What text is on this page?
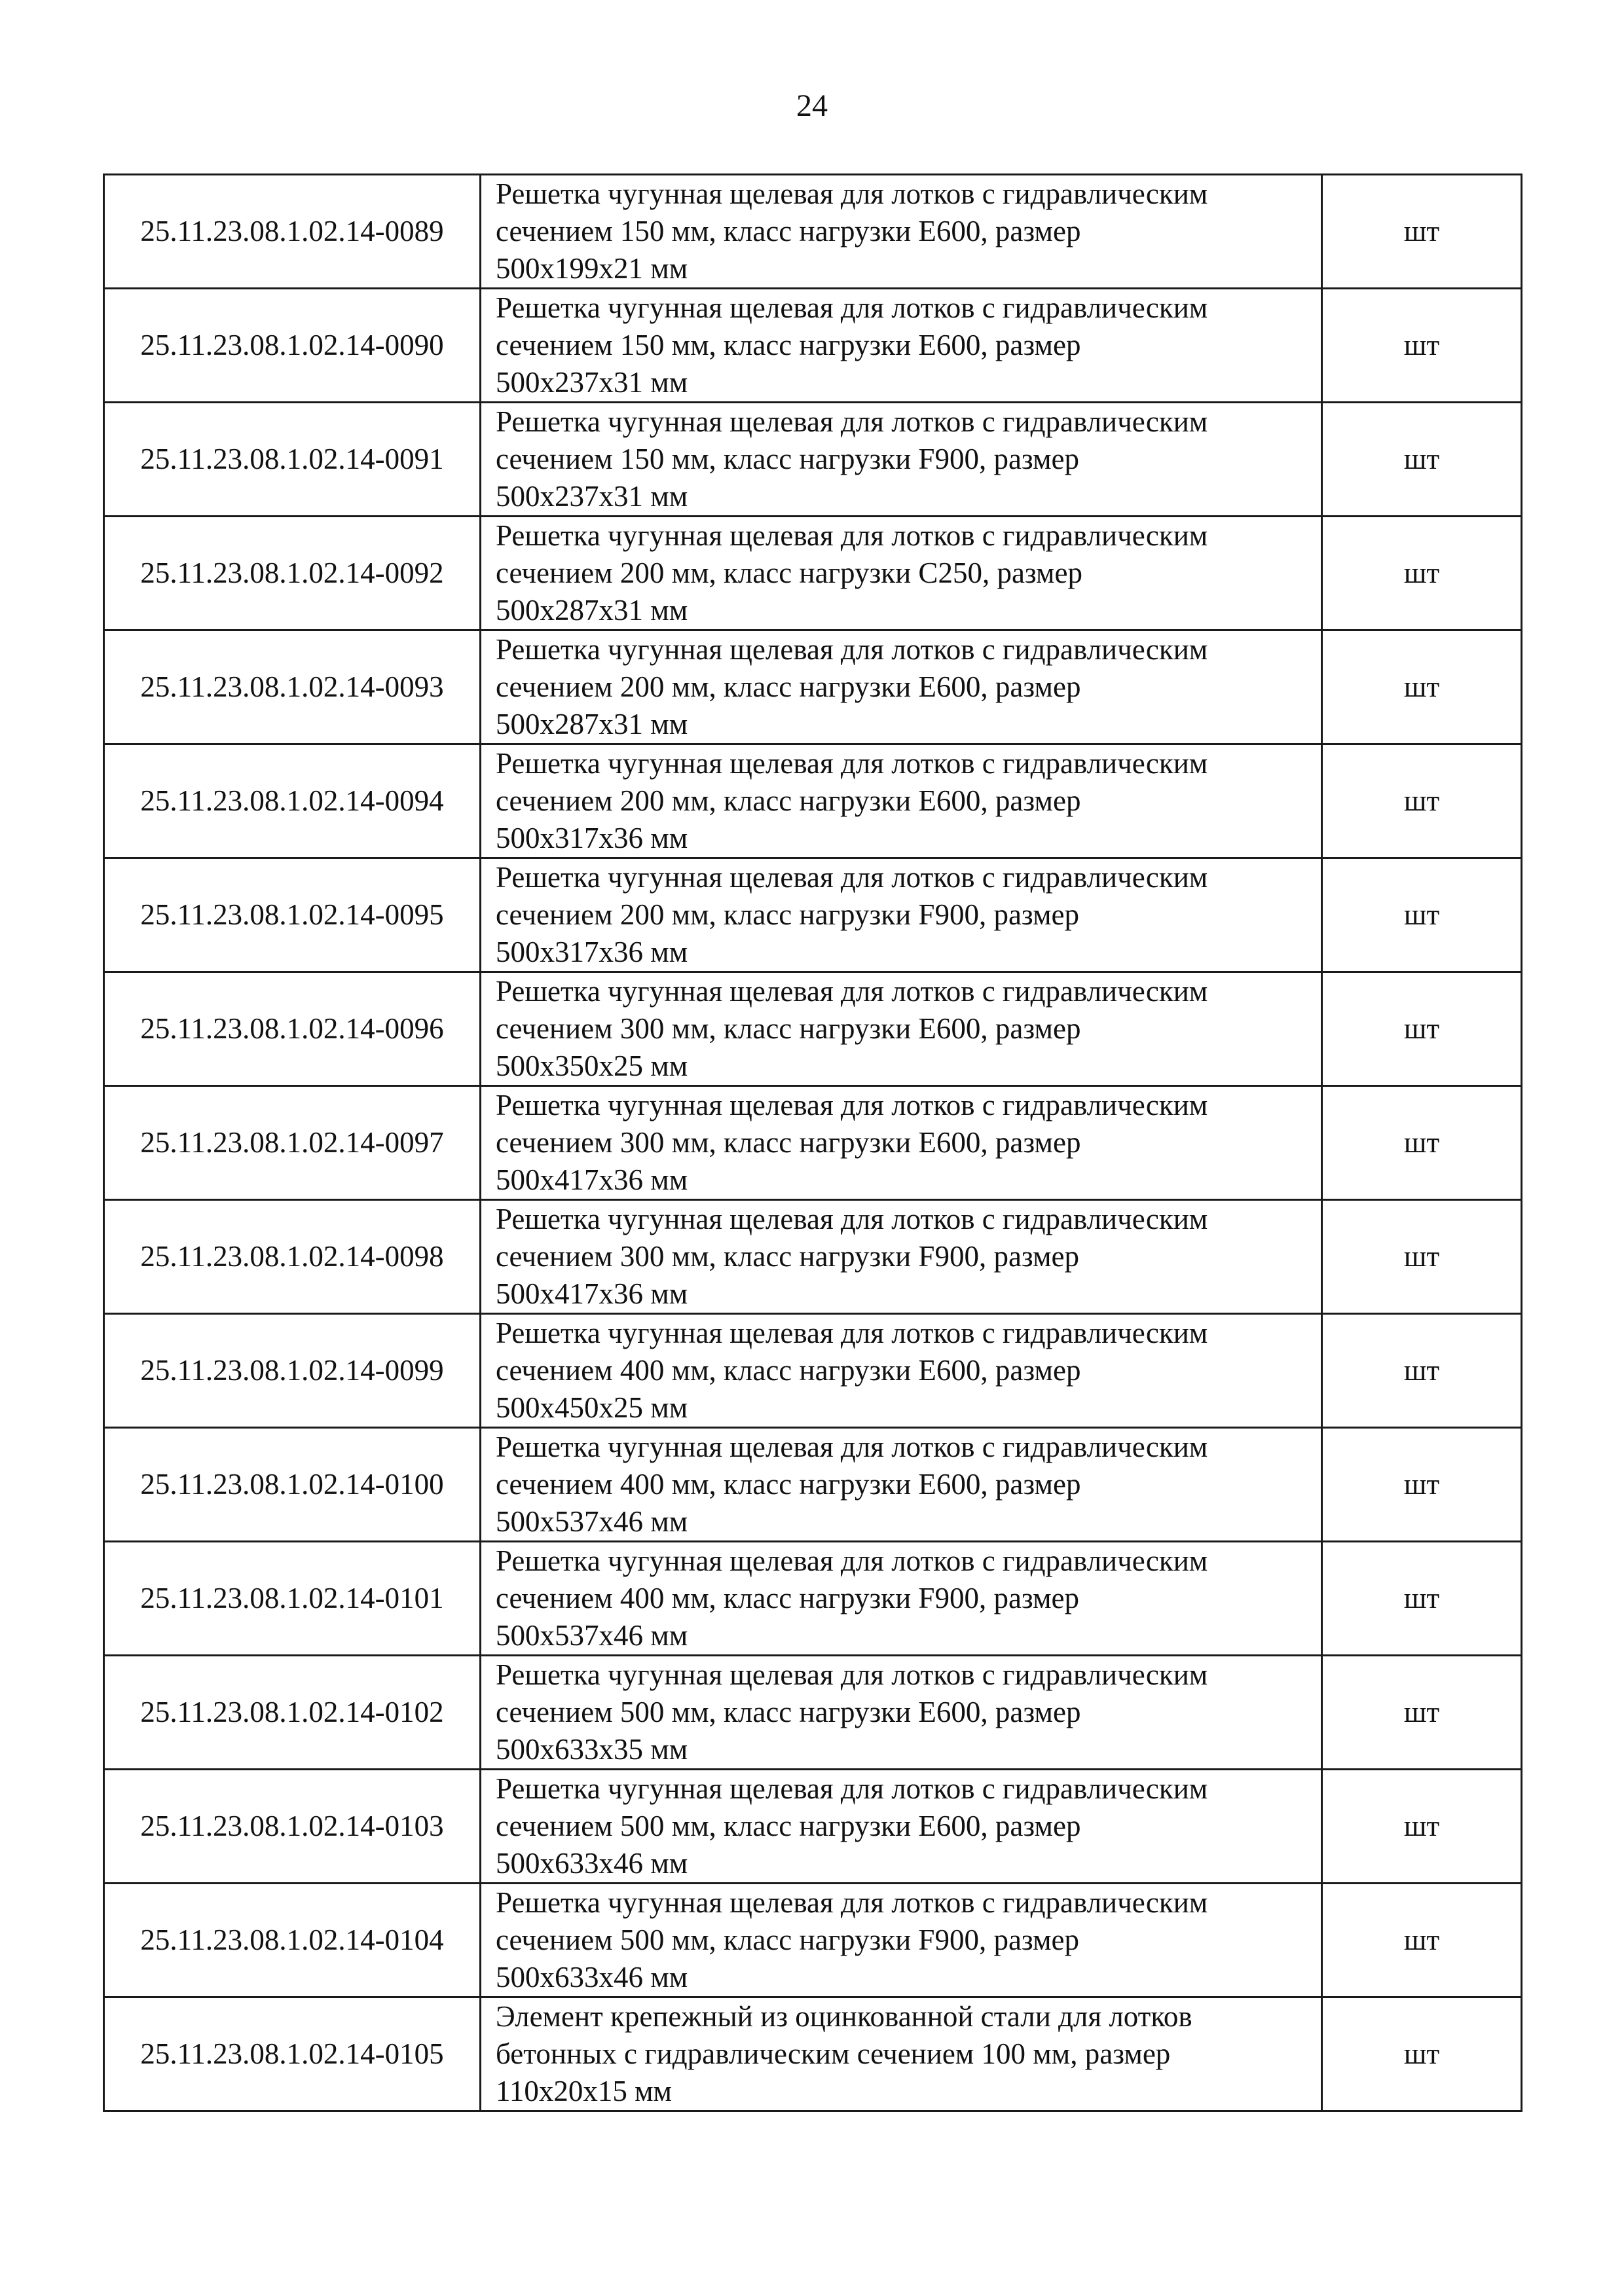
24
25.11.23.08.1.02.14-0089	Решетка чугунная щелевая для лотков с гидравлическим
сечением 150 мм, класс нагрузки Е600, размер
500х199х21 мм	шт
25.11.23.08.1.02.14-0090	Решетка чугунная щелевая для лотков с гидравлическим
сечением 150 мм, класс нагрузки Е600, размер
500х237х31 мм	шт
25.11.23.08.1.02.14-0091	Решетка чугунная щелевая для лотков с гидравлическим
сечением 150 мм, класс нагрузки F900, размер
500х237х31 мм	шт
25.11.23.08.1.02.14-0092	Решетка чугунная щелевая для лотков с гидравлическим
сечением 200 мм, класс нагрузки С250, размер
500х287х31 мм	шт
25.11.23.08.1.02.14-0093	Решетка чугунная щелевая для лотков с гидравлическим
сечением 200 мм, класс нагрузки Е600, размер
500х287х31 мм	шт
25.11.23.08.1.02.14-0094	Решетка чугунная щелевая для лотков с гидравлическим
сечением 200 мм, класс нагрузки Е600, размер
500х317х36 мм	шт
25.11.23.08.1.02.14-0095	Решетка чугунная щелевая для лотков с гидравлическим
сечением 200 мм, класс нагрузки F900, размер
500х317х36 мм	шт
25.11.23.08.1.02.14-0096	Решетка чугунная щелевая для лотков с гидравлическим
сечением 300 мм, класс нагрузки Е600, размер
500х350х25 мм	шт
25.11.23.08.1.02.14-0097	Решетка чугунная щелевая для лотков с гидравлическим
сечением 300 мм, класс нагрузки Е600, размер
500х417х36 мм	шт
25.11.23.08.1.02.14-0098	Решетка чугунная щелевая для лотков с гидравлическим
сечением 300 мм, класс нагрузки F900, размер
500х417х36 мм	шт
25.11.23.08.1.02.14-0099	Решетка чугунная щелевая для лотков с гидравлическим
сечением 400 мм, класс нагрузки Е600, размер
500х450х25 мм	шт
25.11.23.08.1.02.14-0100	Решетка чугунная щелевая для лотков с гидравлическим
сечением 400 мм, класс нагрузки Е600, размер
500х537х46 мм	шт
25.11.23.08.1.02.14-0101	Решетка чугунная щелевая для лотков с гидравлическим
сечением 400 мм, класс нагрузки F900, размер
500х537х46 мм	шт
25.11.23.08.1.02.14-0102	Решетка чугунная щелевая для лотков с гидравлическим
сечением 500 мм, класс нагрузки Е600, размер
500х633х35 мм	шт
25.11.23.08.1.02.14-0103	Решетка чугунная щелевая для лотков с гидравлическим
сечением 500 мм, класс нагрузки Е600, размер
500х633х46 мм	шт
25.11.23.08.1.02.14-0104	Решетка чугунная щелевая для лотков с гидравлическим
сечением 500 мм, класс нагрузки F900, размер
500х633х46 мм	шт
25.11.23.08.1.02.14-0105	Элемент крепежный из оцинкованной стали для лотков
бетонных с гидравлическим сечением 100 мм, размер
110х20х15 мм	шт
